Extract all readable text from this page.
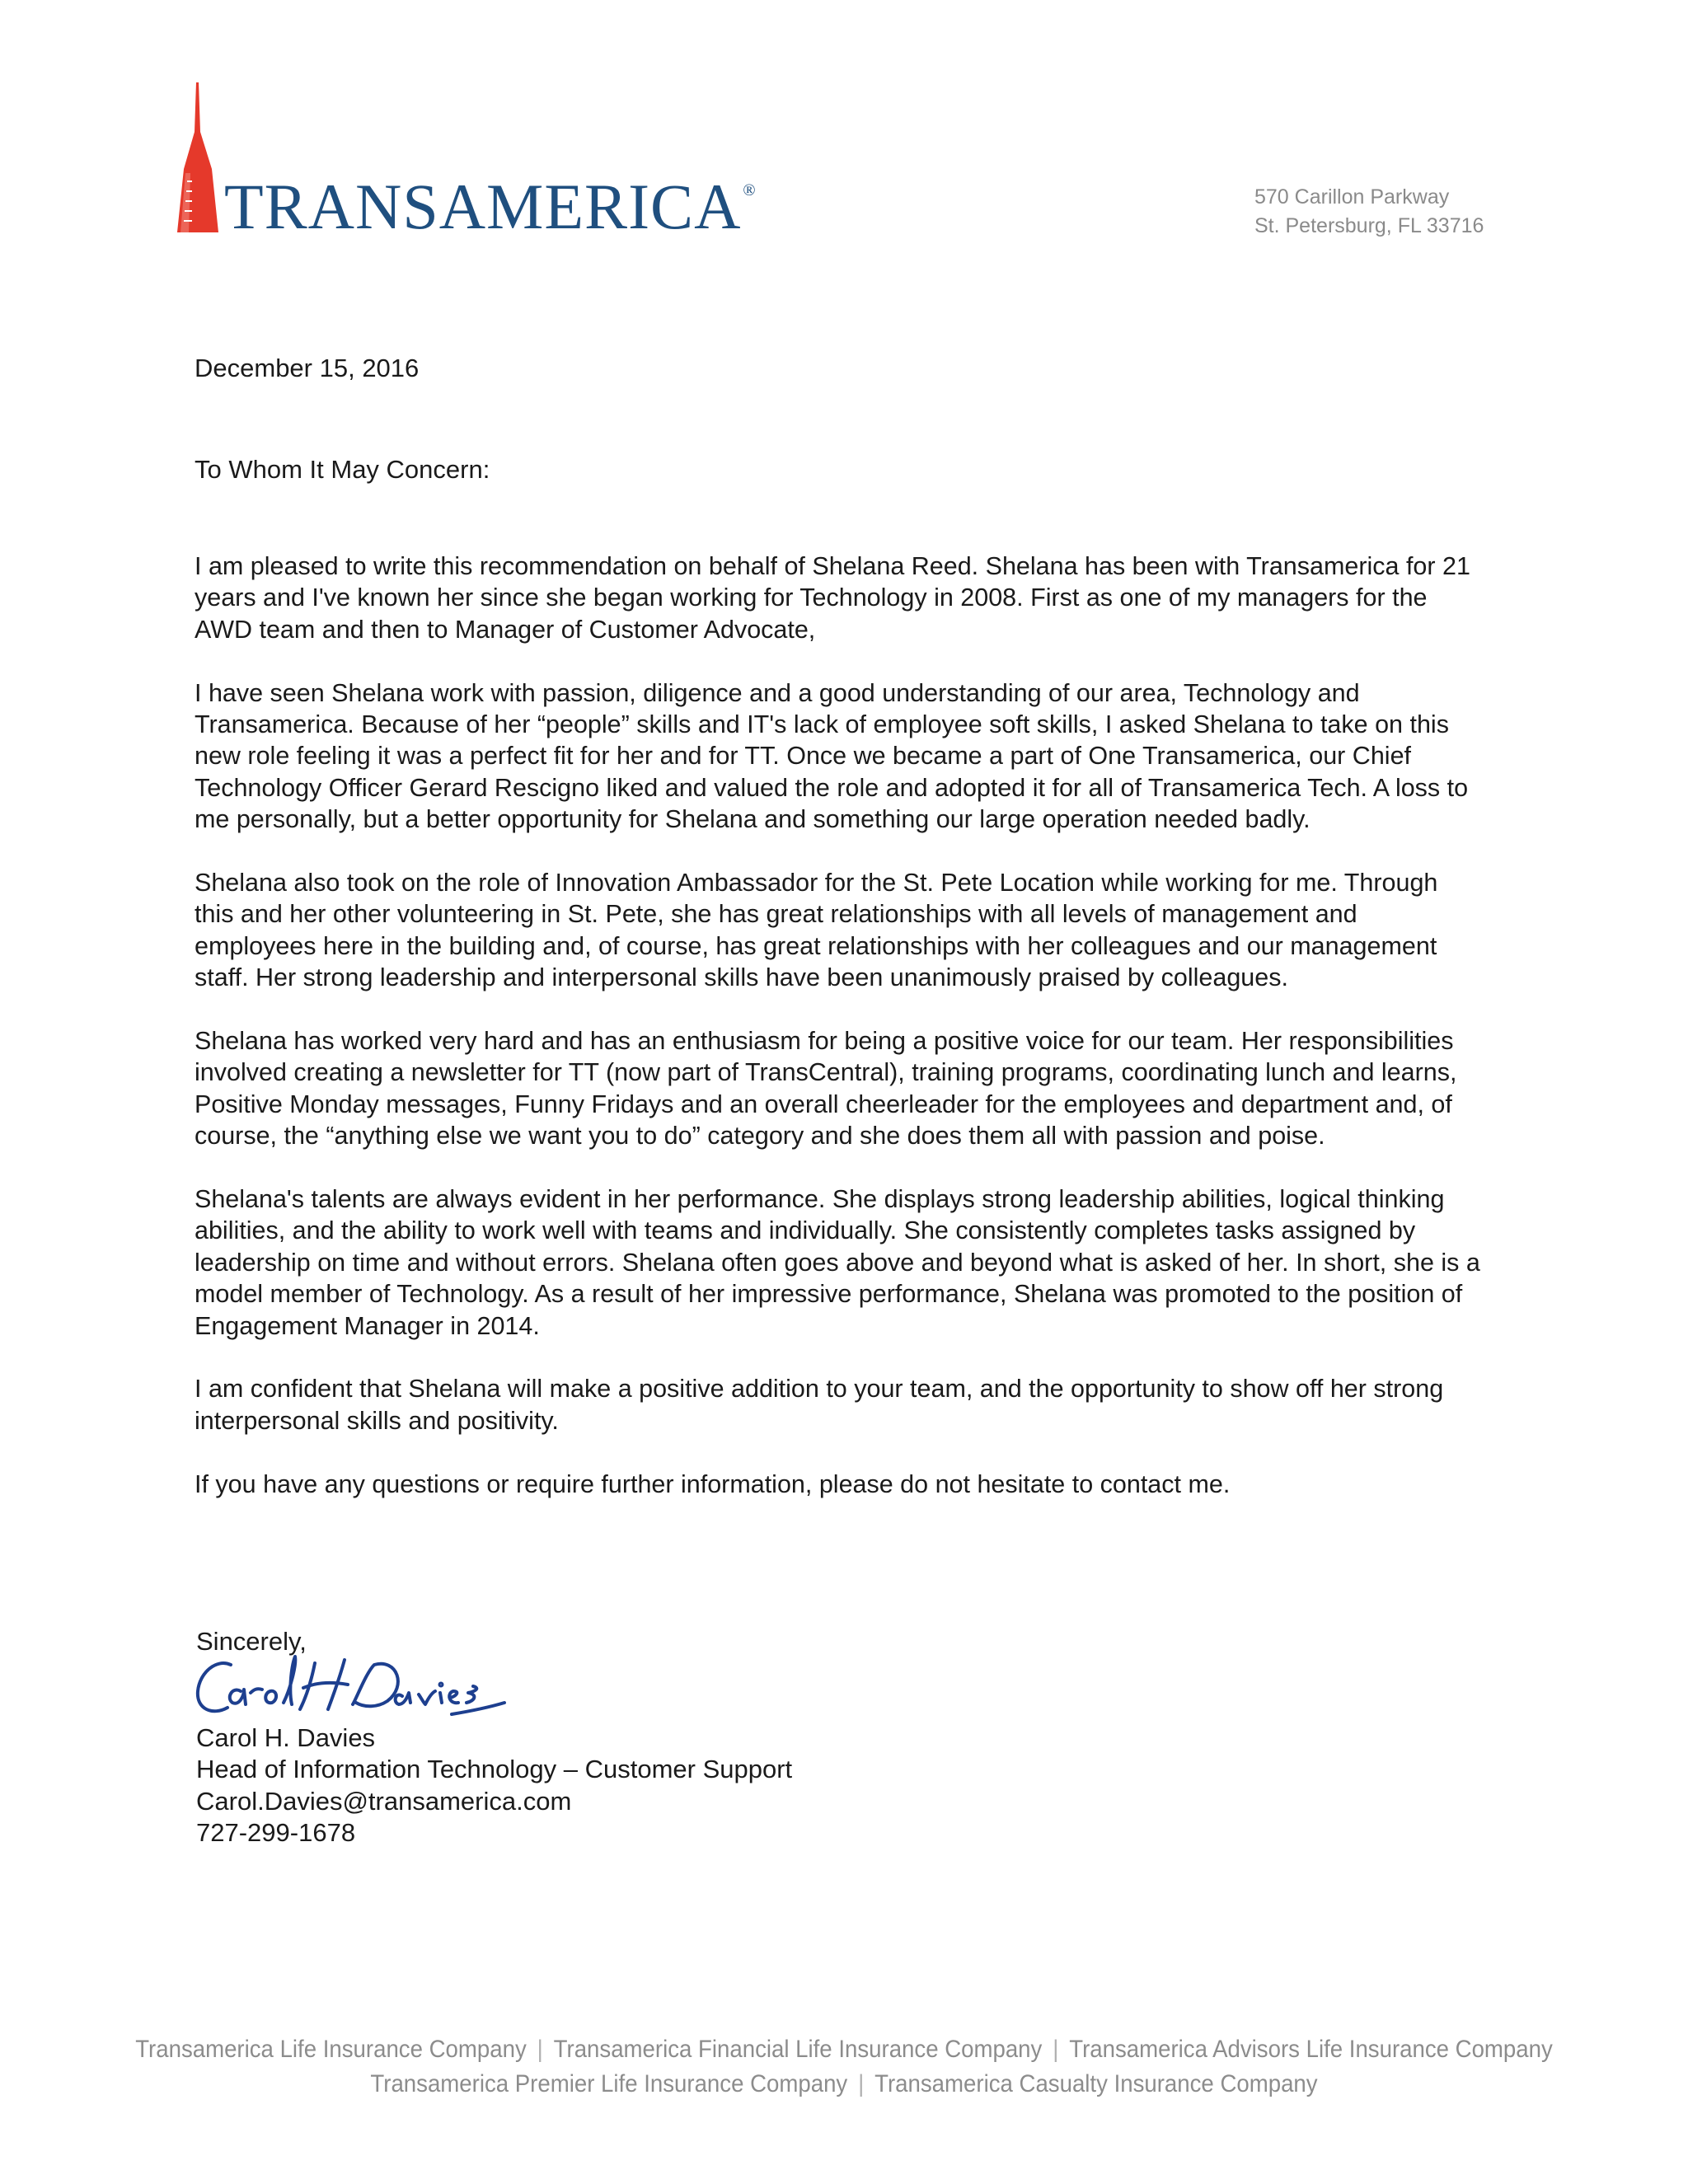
TRANSAMERICA ®	570 Carillon Parkway
St. Petersburg, FL 33716
December 15, 2016
To Whom It May Concern:

I am pleased to write this recommendation on behalf of Shelana Reed. Shelana has been with Transamerica for 21 years and I've known her since she began working for Technology in 2008. First as one of my managers for the AWD team and then to Manager of Customer Advocate,

I have seen Shelana work with passion, diligence and a good understanding of our area, Technology and Transamerica. Because of her “people” skills and IT's lack of employee soft skills, I asked Shelana to take on this new role feeling it was a perfect fit for her and for TT. Once we became a part of One Transamerica, our Chief Technology Officer Gerard Rescigno liked and valued the role and adopted it for all of Transamerica Tech. A loss to me personally, but a better opportunity for Shelana and something our large operation needed badly.

Shelana also took on the role of Innovation Ambassador for the St. Pete Location while working for me. Through this and her other volunteering in St. Pete, she has great relationships with all levels of management and employees here in the building and, of course, has great relationships with her colleagues and our management staff. Her strong leadership and interpersonal skills have been unanimously praised by colleagues.

Shelana has worked very hard and has an enthusiasm for being a positive voice for our team. Her responsibilities involved creating a newsletter for TT (now part of TransCentral), training programs, coordinating lunch and learns, Positive Monday messages, Funny Fridays and an overall cheerleader for the employees and department and, of course, the “anything else we want you to do” category and she does them all with passion and poise.

Shelana's talents are always evident in her performance. She displays strong leadership abilities, logical thinking abilities, and the ability to work well with teams and individually. She consistently completes tasks assigned by leadership on time and without errors. Shelana often goes above and beyond what is asked of her. In short, she is a model member of Technology. As a result of her impressive performance, Shelana was promoted to the position of Engagement Manager in 2014.

I am confident that Shelana will make a positive addition to your team, and the opportunity to show off her strong interpersonal skills and positivity.

If you have any questions or require further information, please do not hesitate to contact me.

Sincerely,
Carol H. Davies
Head of Information Technology – Customer Support
Carol.Davies@transamerica.com
727-299-1678
Transamerica Life Insurance Company | Transamerica Financial Life Insurance Company | Transamerica Advisors Life Insurance Company
Transamerica Premier Life Insurance Company | Transamerica Casualty Insurance Company
